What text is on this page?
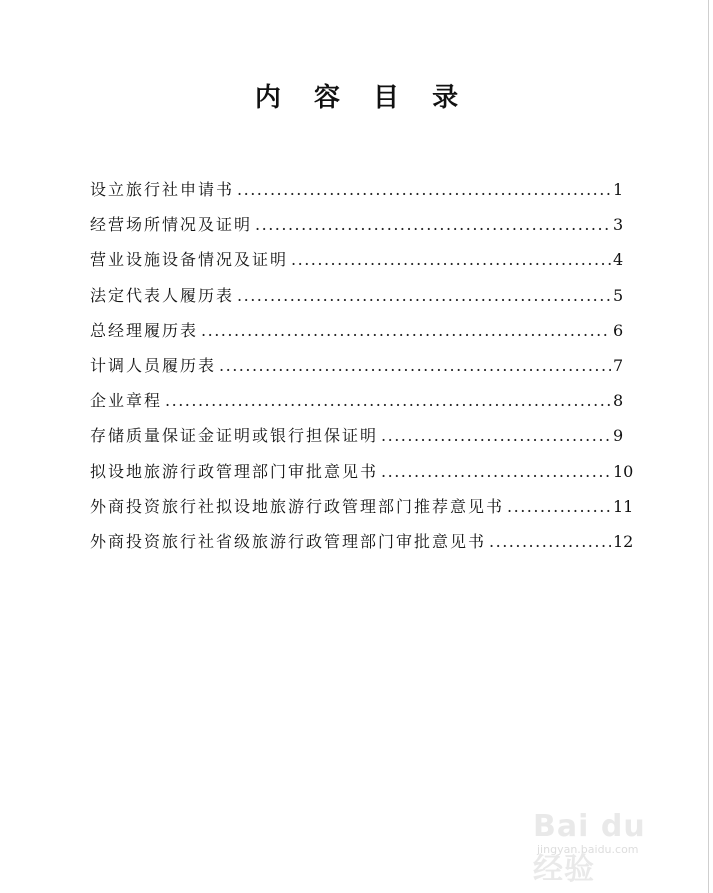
内 容 目 录
设立旅行社申请书 .....	1
经营场所情况及证明 .....	3
营业设施设备情况及证明 .....	4
法定代表人履历表 .....	5
总经理履历表 .....	6
计调人员履历表 .....	7
企业章程 .....	8
存储质量保证金证明或银行担保证明 .....	9
拟设地旅游行政管理部门审批意见书 .....	10
外商投资旅行社拟设地旅游行政管理部门推荐意见书 .....	11
外商投资旅行社省级旅游行政管理部门审批意见书 .....	12
Bai du 经验
jingyan.baidu.com
